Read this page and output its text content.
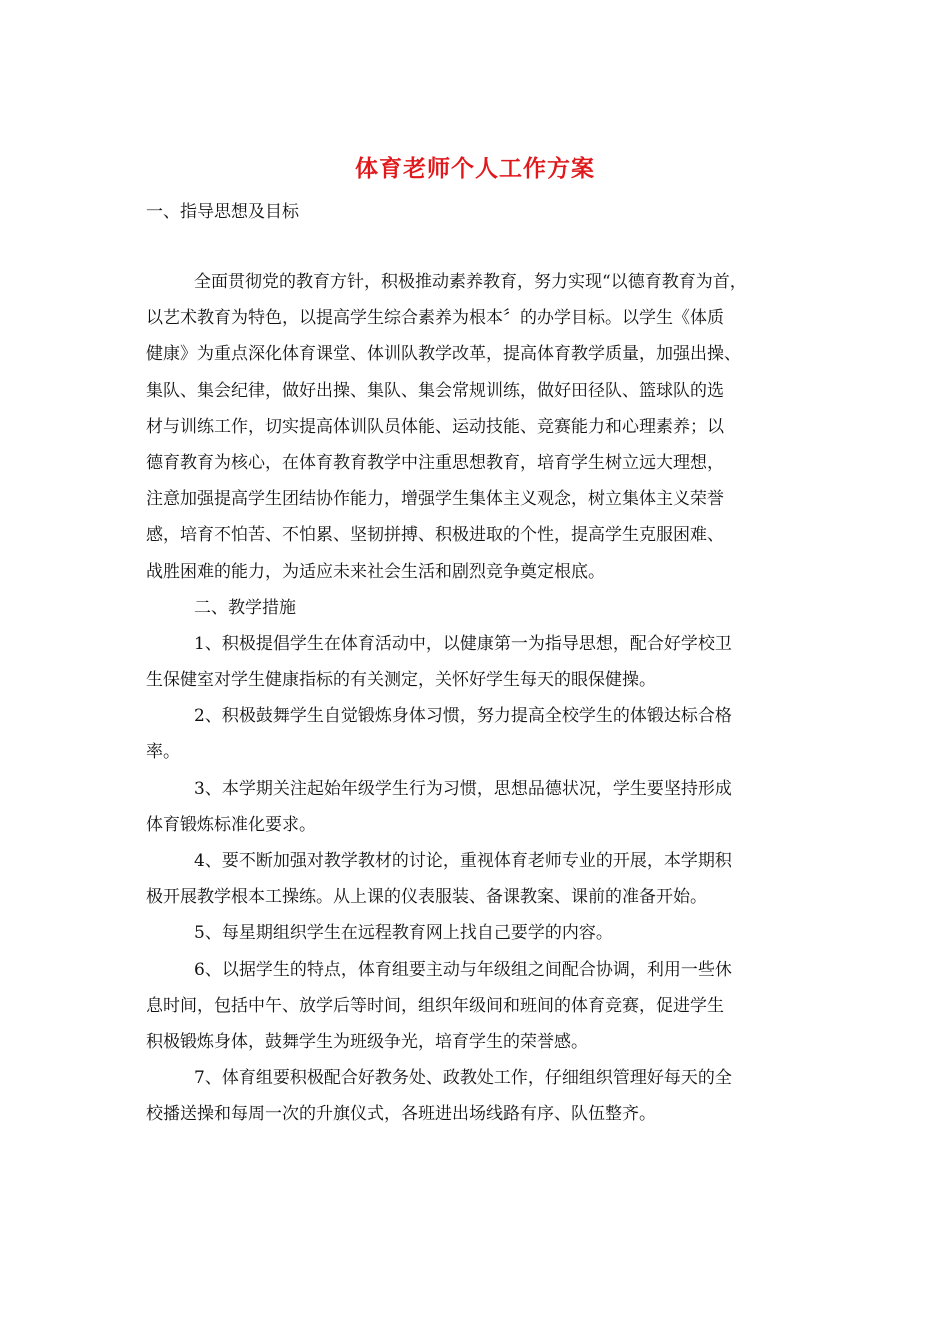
体育老师个人工作方案
一、指导思想及目标
全面贯彻党的教育方针，积极推动素养教育，努力实现“以德育教育为首，
以艺术教育为特色，以提高学生综合素养为根本〞的办学目标。以学生《体质
健康》为重点深化体育课堂、体训队教学改革，提高体育教学质量，加强出操、
集队、集会纪律，做好出操、集队、集会常规训练，做好田径队、篮球队的选
材与训练工作，切实提高体训队员体能、运动技能、竞赛能力和心理素养；以
德育教育为核心，在体育教育教学中注重思想教育，培育学生树立远大理想，
注意加强提高学生团结协作能力，增强学生集体主义观念，树立集体主义荣誉
感，培育不怕苦、不怕累、坚韧拼搏、积极进取的个性，提高学生克服困难、
战胜困难的能力，为适应未来社会生活和剧烈竞争奠定根底。
二、教学措施
1、积极提倡学生在体育活动中，以健康第一为指导思想，配合好学校卫
生保健室对学生健康指标的有关测定，关怀好学生每天的眼保健操。
2、积极鼓舞学生自觉锻炼身体习惯，努力提高全校学生的体锻达标合格
率。
3、本学期关注起始年级学生行为习惯，思想品德状况，学生要坚持形成
体育锻炼标准化要求。
4、要不断加强对教学教材的讨论，重视体育老师专业的开展，本学期积
极开展教学根本工操练。从上课的仪表服装、备课教案、课前的准备开始。
5、每星期组织学生在远程教育网上找自己要学的内容。
6、以据学生的特点，体育组要主动与年级组之间配合协调，利用一些休
息时间，包括中午、放学后等时间，组织年级间和班间的体育竞赛，促进学生
积极锻炼身体，鼓舞学生为班级争光，培育学生的荣誉感。
7、体育组要积极配合好教务处、政教处工作，仔细组织管理好每天的全
校播送操和每周一次的升旗仪式，各班进出场线路有序、队伍整齐。
